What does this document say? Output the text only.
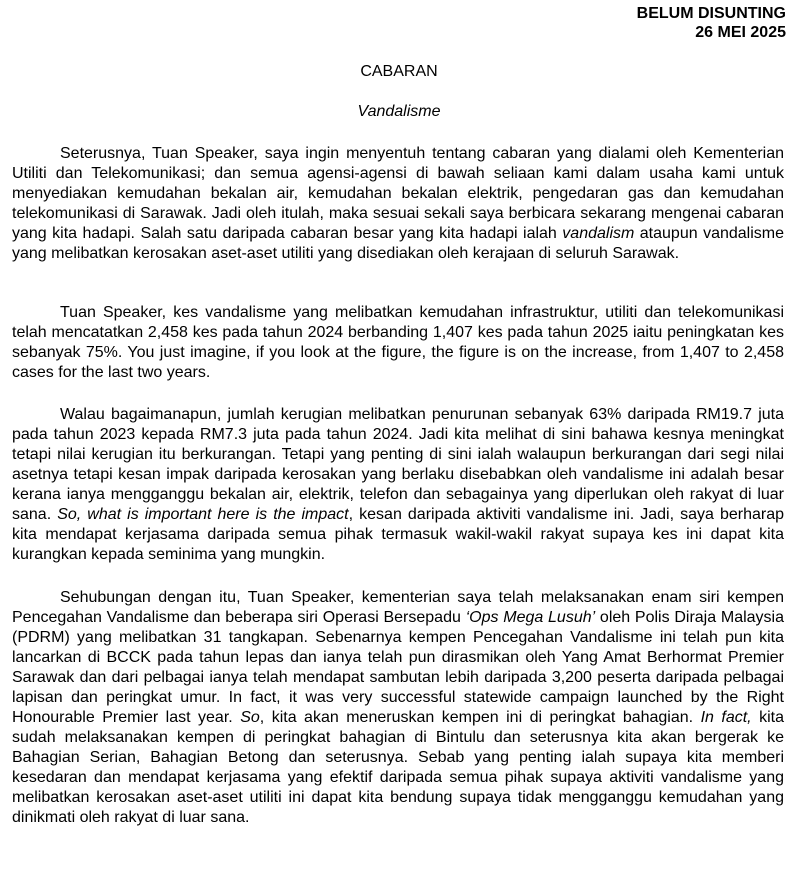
BELUM DISUNTING
26 MEI 2025
CABARAN
Vandalisme

Seterusnya, Tuan Speaker, saya ingin menyentuh tentang cabaran yang dialami oleh Kementerian Utiliti dan Telekomunikasi; dan semua agensi-agensi di bawah seliaan kami dalam usaha kami untuk menyediakan kemudahan bekalan air, kemudahan bekalan elektrik, pengedaran gas dan kemudahan telekomunikasi di Sarawak. Jadi oleh itulah, maka sesuai sekali saya berbicara sekarang mengenai cabaran yang kita hadapi. Salah satu daripada cabaran besar yang kita hadapi ialah vandalism ataupun vandalisme yang melibatkan kerosakan aset-aset utiliti yang disediakan oleh kerajaan di seluruh Sarawak.

Tuan Speaker, kes vandalisme yang melibatkan kemudahan infrastruktur, utiliti dan telekomunikasi telah mencatatkan 2,458 kes pada tahun 2024 berbanding 1,407 kes pada tahun 2025 iaitu peningkatan kes sebanyak 75%. You just imagine, if you look at the figure, the figure is on the increase, from 1,407 to 2,458 cases for the last two years.

Walau bagaimanapun, jumlah kerugian melibatkan penurunan sebanyak 63% daripada RM19.7 juta pada tahun 2023 kepada RM7.3 juta pada tahun 2024. Jadi kita melihat di sini bahawa kesnya meningkat tetapi nilai kerugian itu berkurangan. Tetapi yang penting di sini ialah walaupun berkurangan dari segi nilai asetnya tetapi kesan impak daripada kerosakan yang berlaku disebabkan oleh vandalisme ini adalah besar kerana ianya mengganggu bekalan air, elektrik, telefon dan sebagainya yang diperlukan oleh rakyat di luar sana. So, what is important here is the impact, kesan daripada aktiviti vandalisme ini. Jadi, saya berharap kita mendapat kerjasama daripada semua pihak termasuk wakil-wakil rakyat supaya kes ini dapat kita kurangkan kepada seminima yang mungkin.

Sehubungan dengan itu, Tuan Speaker, kementerian saya telah melaksanakan enam siri kempen Pencegahan Vandalisme dan beberapa siri Operasi Bersepadu ‘Ops Mega Lusuh’ oleh Polis Diraja Malaysia (PDRM) yang melibatkan 31 tangkapan. Sebenarnya kempen Pencegahan Vandalisme ini telah pun kita lancarkan di BCCK pada tahun lepas dan ianya telah pun dirasmikan oleh Yang Amat Berhormat Premier Sarawak dan dari pelbagai ianya telah mendapat sambutan lebih daripada 3,200 peserta daripada pelbagai lapisan dan peringkat umur. In fact, it was very successful statewide campaign launched by the Right Honourable Premier last year. So, kita akan meneruskan kempen ini di peringkat bahagian. In fact, kita sudah melaksanakan kempen di peringkat bahagian di Bintulu dan seterusnya kita akan bergerak ke Bahagian Serian, Bahagian Betong dan seterusnya. Sebab yang penting ialah supaya kita memberi kesedaran dan mendapat kerjasama yang efektif daripada semua pihak supaya aktiviti vandalisme yang melibatkan kerosakan aset-aset utiliti ini dapat kita bendung supaya tidak mengganggu kemudahan yang dinikmati oleh rakyat di luar sana.
